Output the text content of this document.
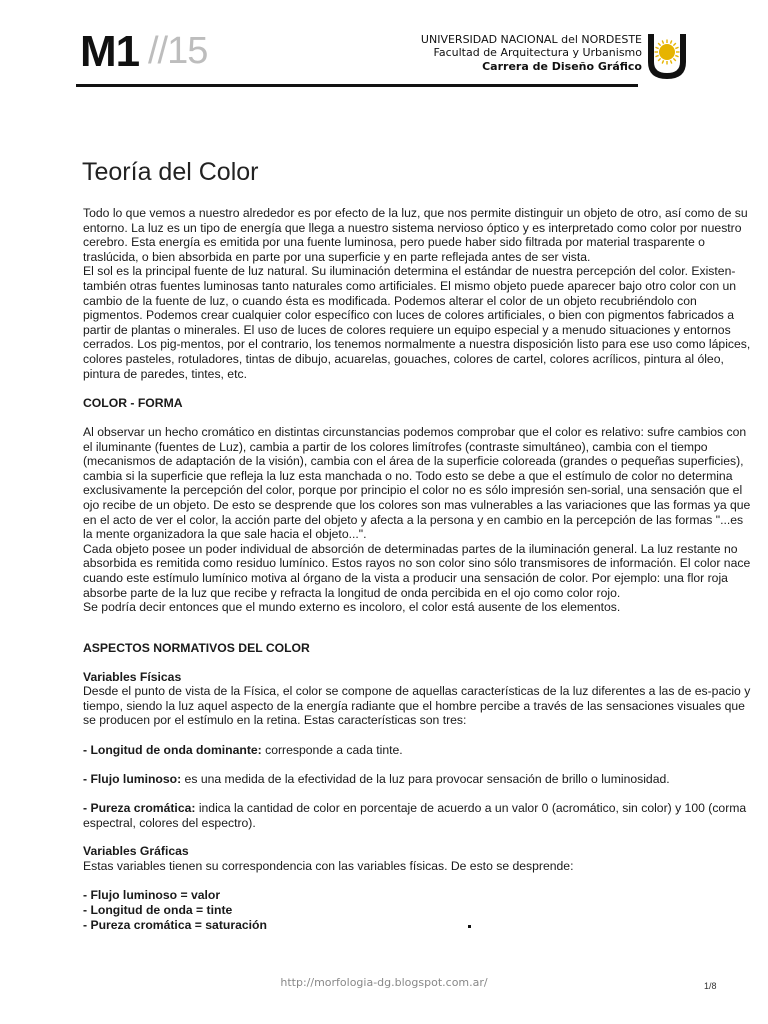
M1 //15	UNIVERSIDAD NACIONAL del NORDESTE
Facultad de Arquitectura y Urbanismo
Carrera de Diseño Gráfico
Teoría del Color

Todo lo que vemos a nuestro alrededor es por efecto de la luz, que nos permite distinguir un objeto de otro, así como de su entorno. La luz es un tipo de energía que llega a nuestro sistema nervioso óptico y es interpretado como color por nuestro cerebro. Esta energía es emitida por una fuente luminosa, pero puede haber sido filtrada por material trasparente o traslúcida, o bien absorbida en parte por una superficie y en parte reflejada antes de ser vista.

El sol es la principal fuente de luz natural. Su iluminación determina el estándar de nuestra percepción del color. Existen-también otras fuentes luminosas tanto naturales como artificiales. El mismo objeto puede aparecer bajo otro color con un cambio de la fuente de luz, o cuando ésta es modificada. Podemos alterar el color de un objeto recubriéndolo con pigmentos. Podemos crear cualquier color específico con luces de colores artificiales, o bien con pigmentos fabricados a partir de plantas o minerales. El uso de luces de colores requiere un equipo especial y a menudo situaciones y entornos cerrados. Los pig-mentos, por el contrario, los tenemos normalmente a nuestra disposición listo para ese uso como lápices, colores pasteles, rotuladores, tintas de dibujo, acuarelas, gouaches, colores de cartel, colores acrílicos, pintura al óleo, pintura de paredes, tintes, etc.

COLOR - FORMA

Al observar un hecho cromático en distintas circunstancias podemos comprobar que el color es relativo: sufre cambios con el iluminante (fuentes de Luz), cambia a partir de los colores limítrofes (contraste simultáneo), cambia con el tiempo (mecanismos de adaptación de la visión), cambia con el área de la superficie coloreada (grandes o pequeñas superficies), cambia si la superficie que refleja la luz esta manchada o no. Todo esto se debe a que el estímulo de color no determina exclusivamente la percepción del color, porque por principio el color no es sólo impresión sen-sorial, una sensación que el ojo recibe de un objeto. De esto se desprende que los colores son mas vulnerables a las variaciones que las formas ya que en el acto de ver el color, la acción parte del objeto y afecta a la persona y en cambio en la percepción de las formas "...es la mente organizadora la que sale hacia el objeto...".

Cada objeto posee un poder individual de absorción de determinadas partes de la iluminación general. La luz restante no absorbida es remitida como residuo lumínico. Estos rayos no son color sino sólo transmisores de información. El color nace cuando este estímulo lumínico motiva al órgano de la vista a producir una sensación de color. Por ejemplo: una flor roja absorbe parte de la luz que recibe y refracta la longitud de onda percibida en el ojo como color rojo.

Se podría decir entonces que el mundo externo es incoloro, el color está ausente de los elementos.

ASPECTOS NORMATIVOS DEL COLOR
Variables Físicas
Desde el punto de vista de la Física, el color se compone de aquellas características de la luz diferentes a las de es-pacio y tiempo, siendo la luz aquel aspecto de la energía radiante que el hombre percibe a través de las sensaciones visuales que se producen por el estímulo en la retina. Estas características son tres:
- Longitud de onda dominante: corresponde a cada tinte.
- Flujo luminoso: es una medida de la efectividad de la luz para provocar sensación de brillo o luminosidad.
- Pureza cromática: indica la cantidad de color en porcentaje de acuerdo a un valor 0 (acromático, sin color) y 100 (corma espectral, colores del espectro).
Variables Gráficas
Estas variables tienen su correspondencia con las variables físicas. De esto se desprende:
- Flujo luminoso = valor
- Longitud de onda = tinte
- Pureza cromática = saturación
http://morfologia-dg.blogspot.com.ar/	1/8
